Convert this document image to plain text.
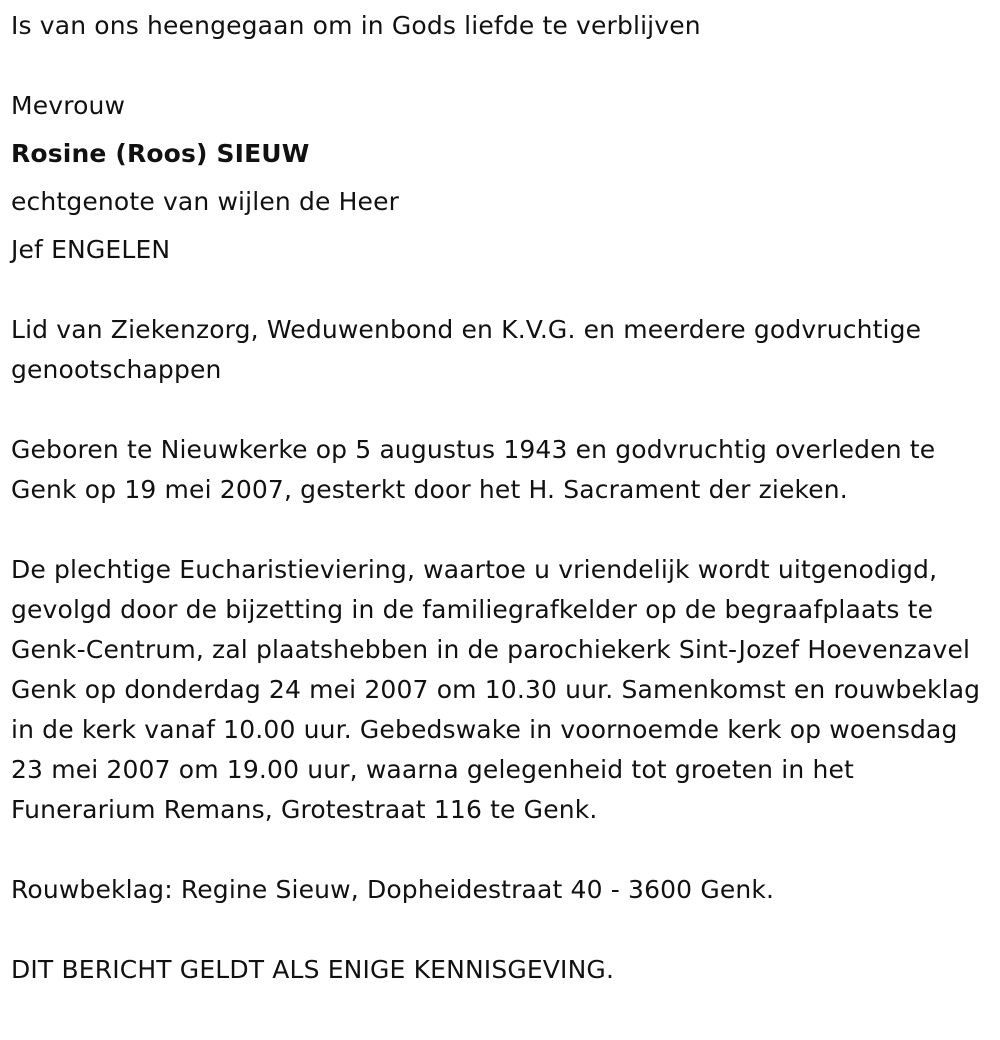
Is van ons heengegaan om in Gods liefde te verblijven

Mevrouw

Rosine (Roos) SIEUW

echtgenote van wijlen de Heer

Jef ENGELEN

Lid van Ziekenzorg, Weduwenbond en K.V.G. en meerdere godvruchtige genootschappen

Geboren te Nieuwkerke op 5 augustus 1943 en godvruchtig overleden te Genk op 19 mei 2007, gesterkt door het H. Sacrament der zieken.

De plechtige Eucharistieviering, waartoe u vriendelijk wordt uitgenodigd, gevolgd door de bijzetting in de familiegrafkelder op de begraafplaats te Genk-Centrum, zal plaatshebben in de parochiekerk Sint-Jozef Hoevenzavel Genk op donderdag 24 mei 2007 om 10.30 uur. Samenkomst en rouwbeklag in de kerk vanaf 10.00 uur. Gebedswake in voornoemde kerk op woensdag 23 mei 2007 om 19.00 uur, waarna gelegenheid tot groeten in het Funerarium Remans, Grotestraat 116 te Genk.

Rouwbeklag: Regine Sieuw, Dopheidestraat 40 - 3600 Genk.

DIT BERICHT GELDT ALS ENIGE KENNISGEVING.
